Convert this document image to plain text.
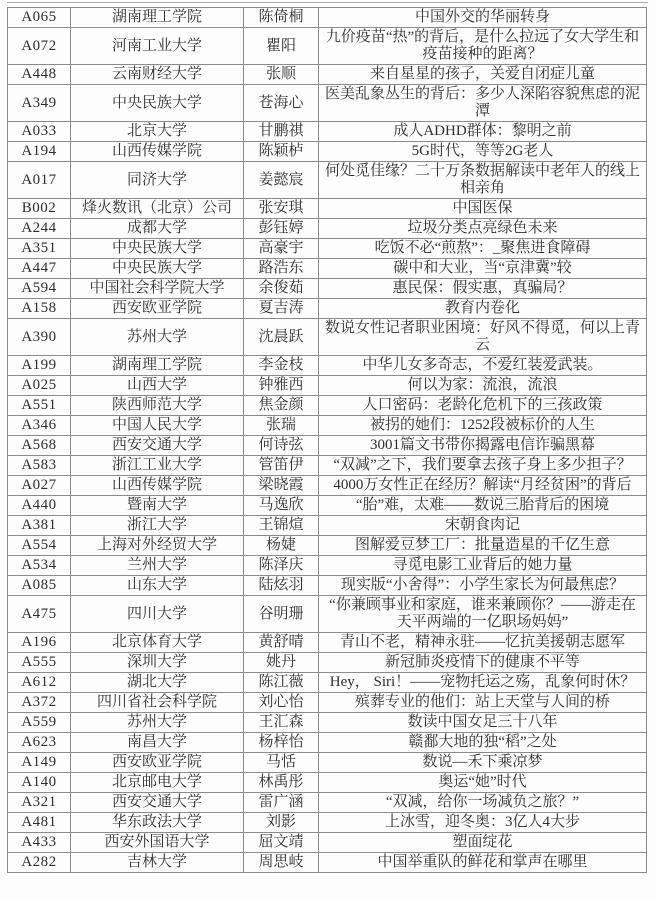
A065	湖南理工学院	陈倚桐	中国外交的华丽转身
A072	河南工业大学	瞿阳	九价疫苗“热”的背后，是什么拉远了女大学生和疫苗接种的距离？
A448	云南财经大学	张顺	来自星星的孩子，关爱自闭症儿童
A349	中央民族大学	苍海心	医美乱象丛生的背后：多少人深陷容貌焦虑的泥潭
A033	北京大学	甘鹏祺	成人ADHD群体：黎明之前
A194	山西传媒学院	陈颖栌	5G时代，等等2G老人
A017	同济大学	姜懿宸	何处觅佳缘？二十万条数据解读中老年人的线上相亲角
B002	烽火数讯（北京）公司	张安琪	中国医保
A244	成都大学	彭钰婷	垃圾分类点亮绿色未来
A351	中央民族大学	高豪宇	吃饭不必“煎熬”：_聚焦进食障碍
A447	中央民族大学	路浩东	碳中和大业，当“京津冀”较
A594	中国社会科学院大学	余俊茹	惠民保：假实惠，真骗局？
A158	西安欧亚学院	夏吉涛	教育内卷化
A390	苏州大学	沈晨跃	数说女性记者职业困境：好风不得觅，何以上青云
A199	湖南理工学院	李金枝	中华儿女多奇志，不爱红装爱武装。
A025	山西大学	钟雅西	何以为家：流浪，流浪
A551	陕西师范大学	焦金颜	人口密码：老龄化危机下的三孩政策
A346	中国人民大学	张瑞	被拐的她们：1252段被标价的人生
A568	西安交通大学	何诗弦	3001篇文书带你揭露电信诈骗黑幕
A583	浙江工业大学	管笛伊	“双减”之下，我们要拿去孩子身上多少担子？
A027	山西传媒学院	梁晓霞	4000万女性正在经历？解读“月经贫困”的背后
A440	暨南大学	马逸欣	“胎”难，太难——数说三胎背后的困境
A381	浙江大学	王锦煊	宋朝食肉记
A554	上海对外经贸大学	杨婕	图解爱豆梦工厂：批量造星的千亿生意
A534	兰州大学	陈泽庆	寻觅电影工业背后的她力量
A085	山东大学	陆炫羽	现实版“小舍得”：小学生家长为何最焦虑？
A475	四川大学	谷明珊	“你兼顾事业和家庭，谁来兼顾你？——游走在天平两端的一亿职场妈妈”
A196	北京体育大学	黄舒晴	青山不老，精神永驻——忆抗美援朝志愿军
A555	深圳大学	姚丹	新冠肺炎疫情下的健康不平等
A612	湖北大学	陈江薇	Hey， Siri！——宠物托运之殇，乱象何时休？
A372	四川省社会科学院	刘心怡	殡葬专业的他们：站上天堂与人间的桥
A559	苏州大学	王汇森	数读中国女足三十八年
A623	南昌大学	杨梓怡	赣鄱大地的独“稻”之处
A149	西安欧亚学院	马恬	数说—禾下乘凉梦
A140	北京邮电大学	林禹彤	奥运“她”时代
A321	西安交通大学	雷广涵	“双减，给你一场减负之旅？”
A481	华东政法大学	刘影	上冰雪，迎冬奥：3亿人4大步
A433	西安外国语大学	屈文靖	塑面绽花
A282	吉林大学	周思岐	中国举重队的鲜花和掌声在哪里
